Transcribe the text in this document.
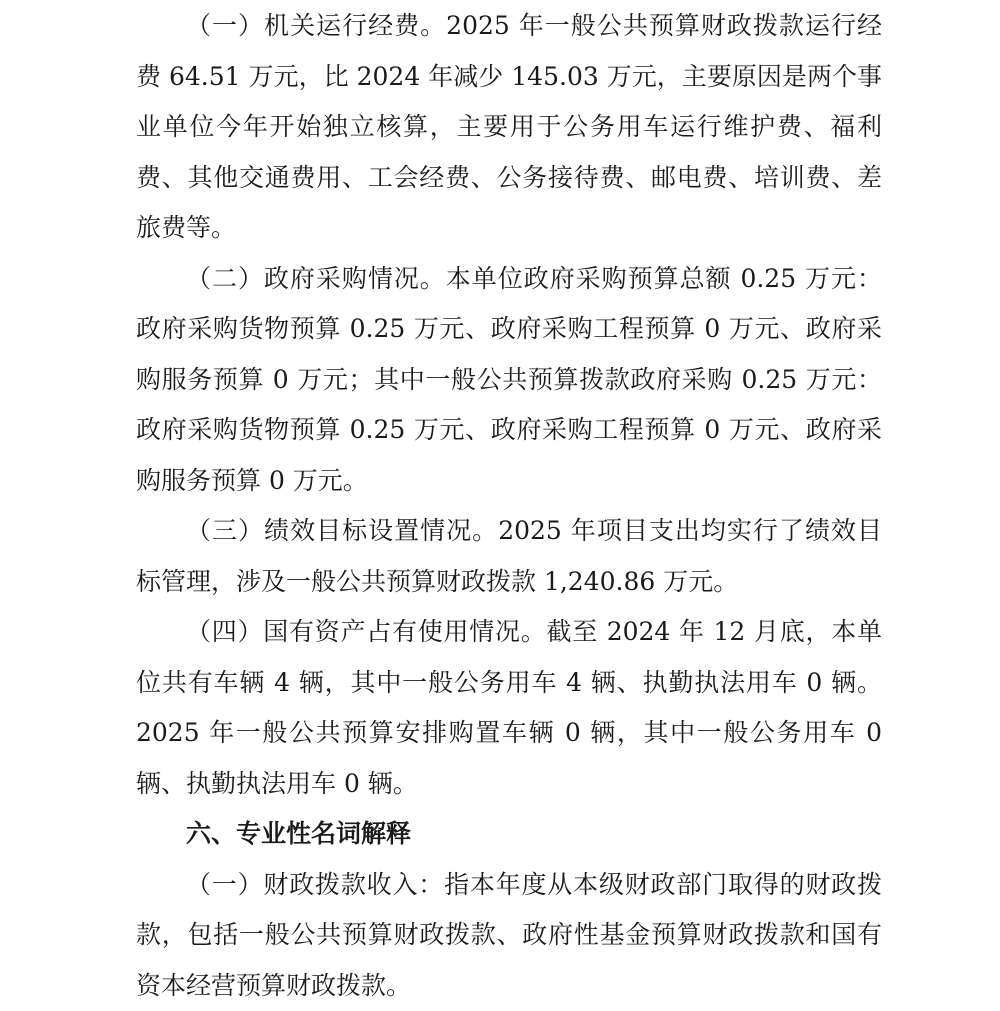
（一）机关运行经费。2025 年一般公共预算财政拨款运行经费 64.51 万元，比 2024 年减少 145.03 万元，主要原因是两个事业单位今年开始独立核算，主要用于公务用车运行维护费、福利费、其他交通费用、工会经费、公务接待费、邮电费、培训费、差旅费等。

（二）政府采购情况。本单位政府采购预算总额 0.25 万元：政府采购货物预算 0.25 万元、政府采购工程预算 0 万元、政府采购服务预算 0 万元；其中一般公共预算拨款政府采购 0.25 万元：政府采购货物预算 0.25 万元、政府采购工程预算 0 万元、政府采购服务预算 0 万元。

（三）绩效目标设置情况。2025 年项目支出均实行了绩效目标管理，涉及一般公共预算财政拨款 1,240.86 万元。

（四）国有资产占有使用情况。截至 2024 年 12 月底，本单位共有车辆 4 辆，其中一般公务用车 4 辆、执勤执法用车 0 辆。2025 年一般公共预算安排购置车辆 0 辆，其中一般公务用车 0 辆、执勤执法用车 0 辆。

六、专业性名词解释

（一）财政拨款收入：指本年度从本级财政部门取得的财政拨款，包括一般公共预算财政拨款、政府性基金预算财政拨款和国有资本经营预算财政拨款。
